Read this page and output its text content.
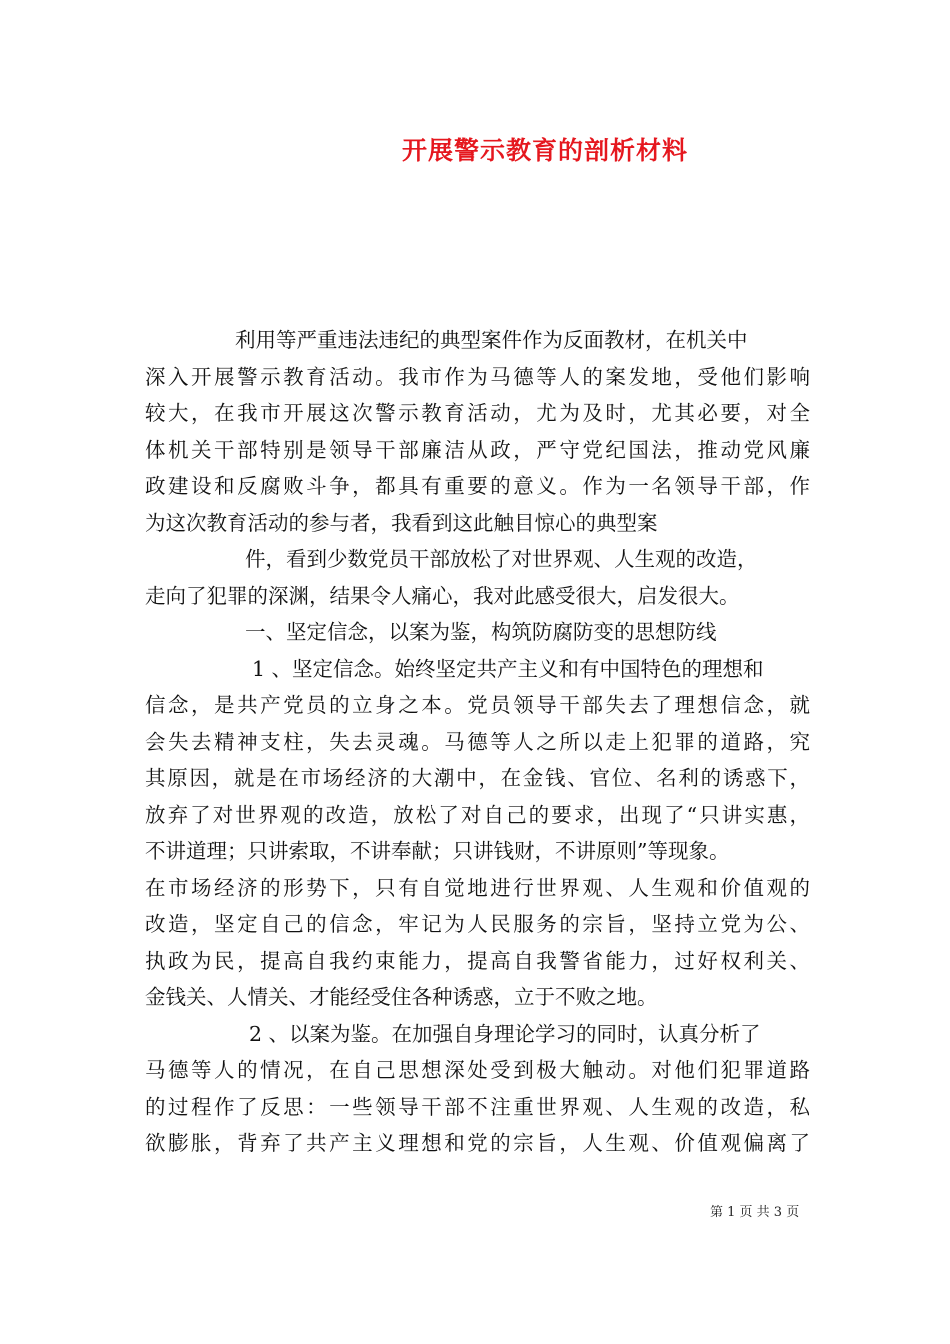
开展警示教育的剖析材料
利用等严重违法违纪的典型案件作为反面教材，在机关中
深入开展警示教育活动。我市作为马德等人的案发地，受他们影响
较大，在我市开展这次警示教育活动，尤为及时，尤其必要，对全
体机关干部特别是领导干部廉洁从政，严守党纪国法，推动党风廉
政建设和反腐败斗争，都具有重要的意义。作为一名领导干部，作
为这次教育活动的参与者，我看到这此触目惊心的典型案
件，看到少数党员干部放松了对世界观、人生观的改造，
走向了犯罪的深渊，结果令人痛心，我对此感受很大，启发很大。
一、坚定信念，以案为鉴，构筑防腐防变的思想防线
1 、坚定信念。始终坚定共产主义和有中国特色的理想和
信念，是共产党员的立身之本。党员领导干部失去了理想信念，就
会失去精神支柱，失去灵魂。马德等人之所以走上犯罪的道路，究
其原因，就是在市场经济的大潮中，在金钱、官位、名利的诱惑下，
放弃了对世界观的改造，放松了对自己的要求，出现了“只讲实惠，
不讲道理；只讲索取，不讲奉献；只讲钱财，不讲原则”等现象。
在市场经济的形势下，只有自觉地进行世界观、人生观和价值观的
改造，坚定自己的信念，牢记为人民服务的宗旨，坚持立党为公、
执政为民，提高自我约束能力，提高自我警省能力，过好权利关、
金钱关、人情关、才能经受住各种诱惑，立于不败之地。
2 、以案为鉴。在加强自身理论学习的同时，认真分析了
马德等人的情况，在自己思想深处受到极大触动。对他们犯罪道路
的过程作了反思：一些领导干部不注重世界观、人生观的改造，私
欲膨胀，背弃了共产主义理想和党的宗旨，人生观、价值观偏离了
第 1 页 共 3 页
